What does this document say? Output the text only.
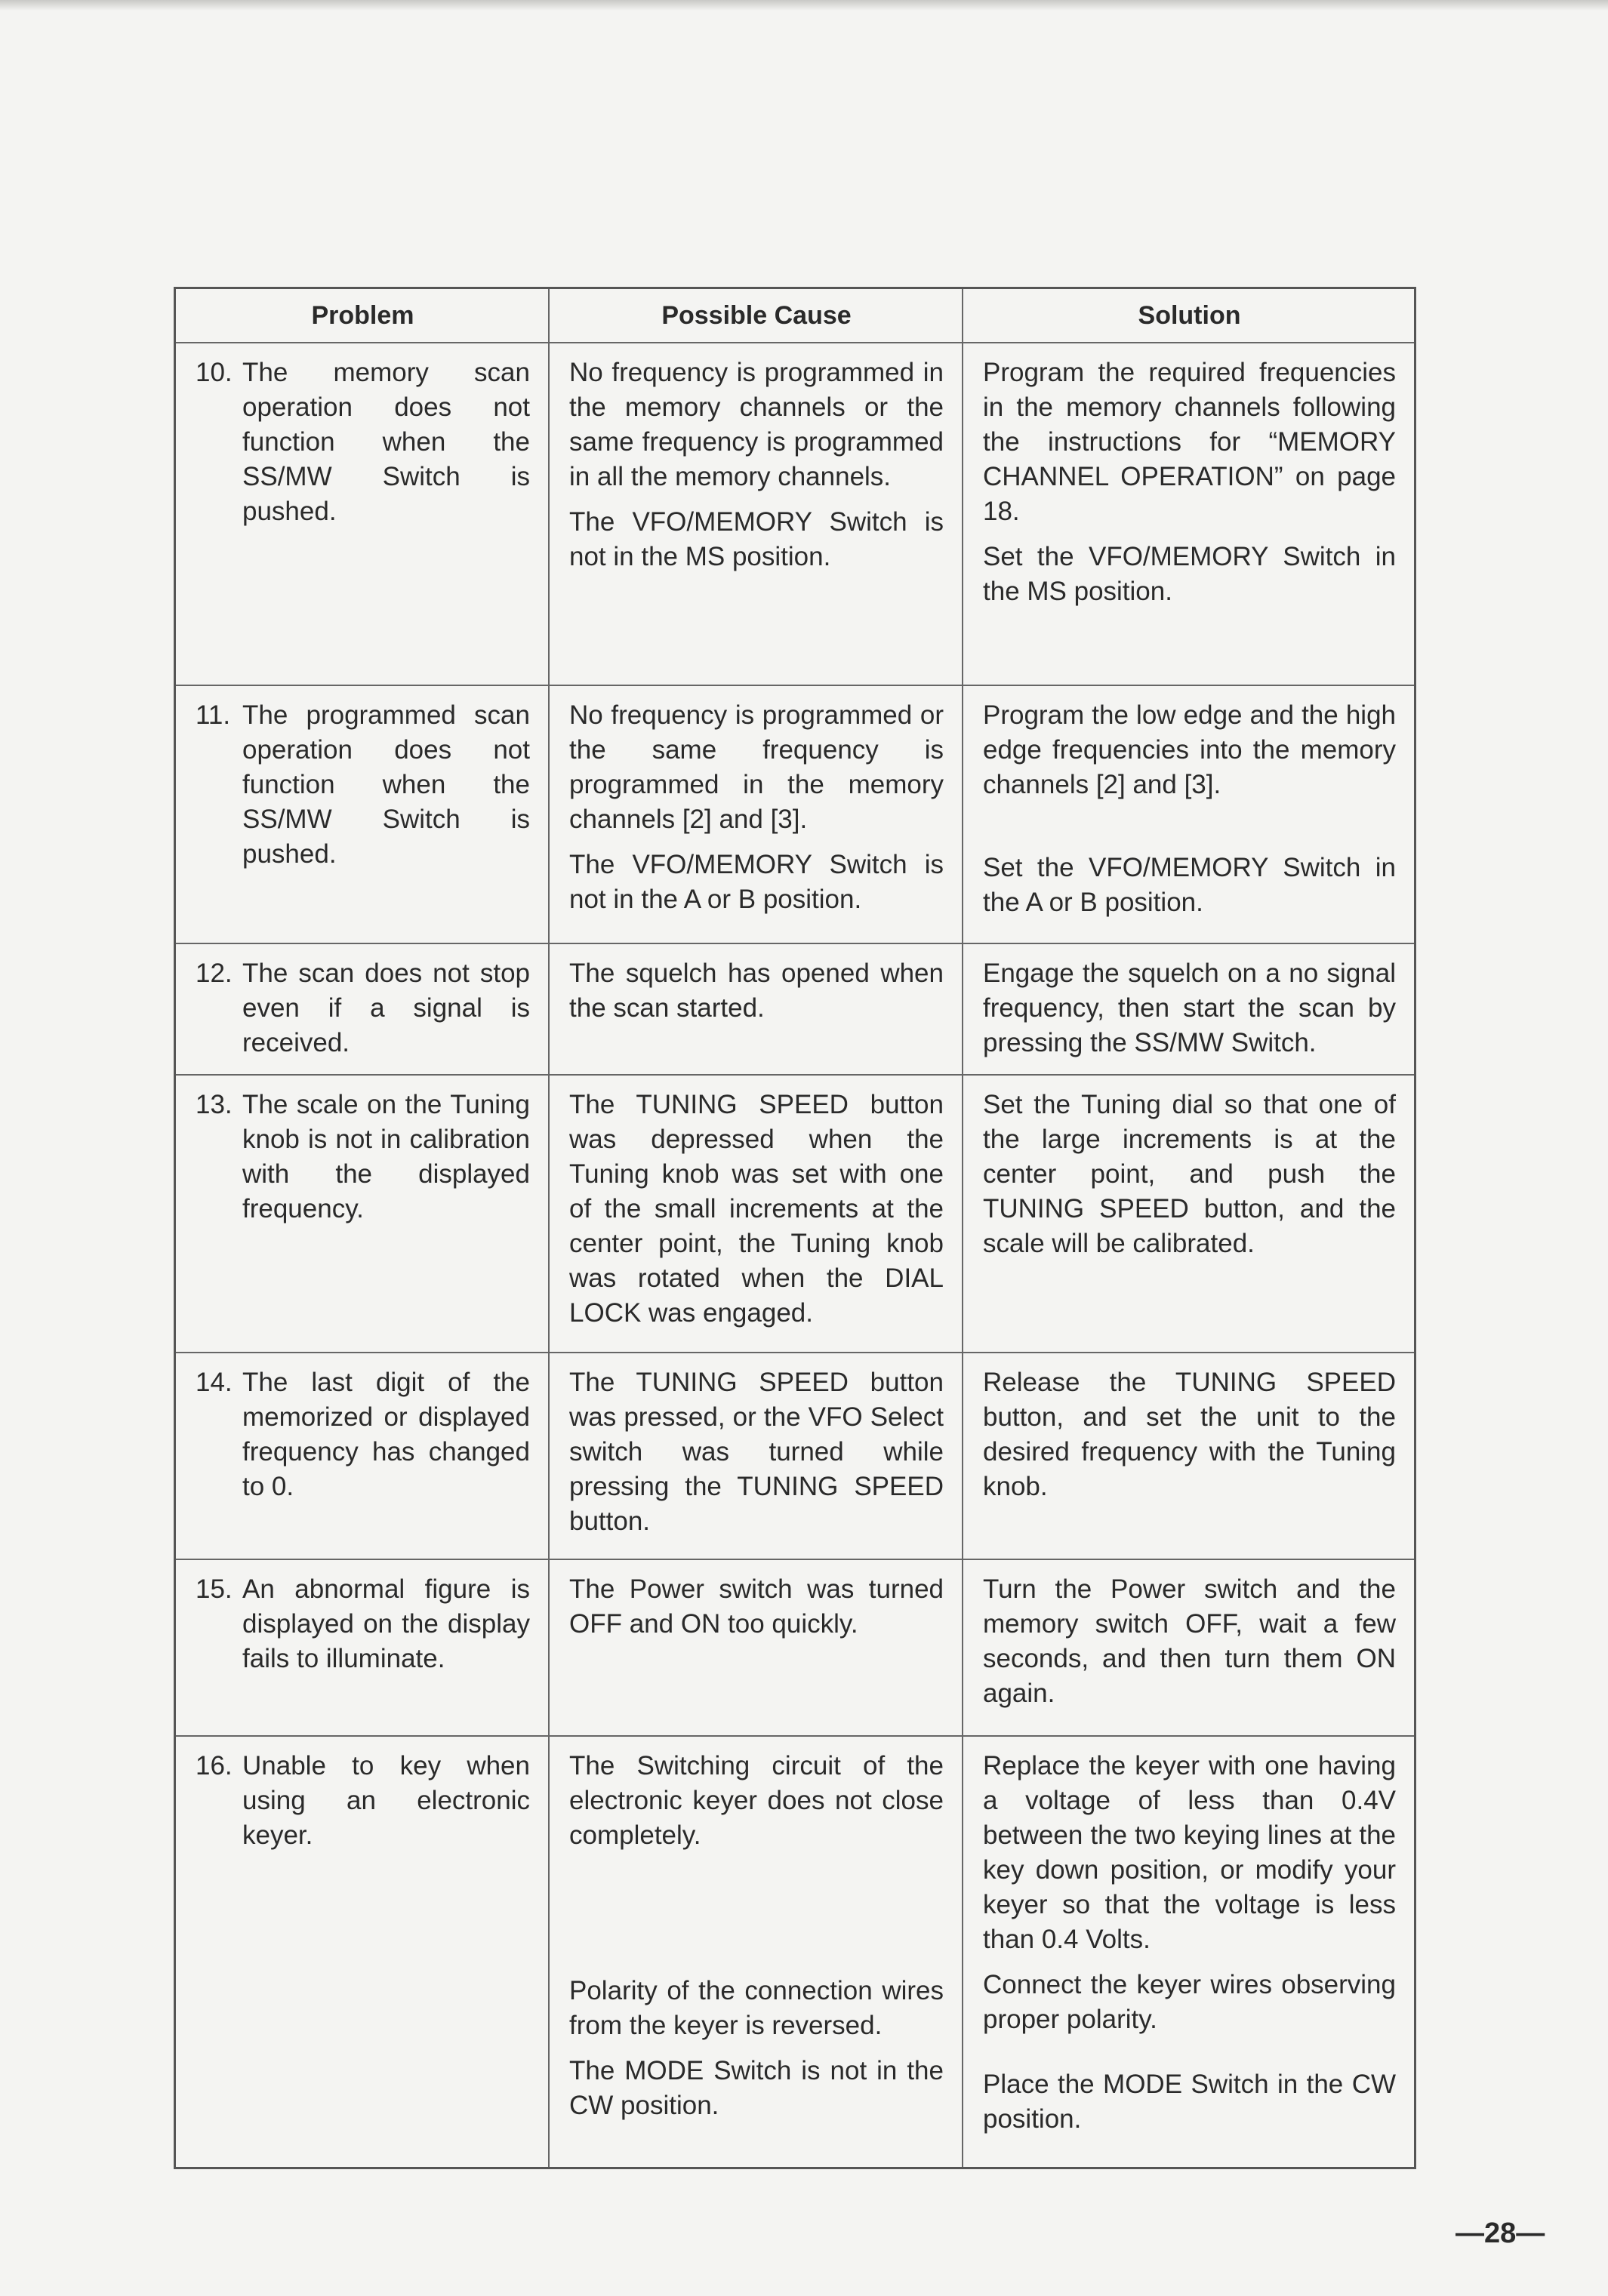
Problem	Possible Cause	Solution
10. The memory scan operation does not function when the SS/MW Switch is pushed.

No frequency is programmed in the memory channels or the same frequency is programmed in all the memory channels.

The VFO/MEMORY Switch is not in the MS position.

Program the required frequencies in the memory channels following the instructions for “MEMORY CHANNEL OPERATION” on page 18.

Set the VFO/MEMORY Switch in the MS position.

11. The programmed scan operation does not function when the SS/MW Switch is pushed.

No frequency is programmed or the same frequency is programmed in the memory channels [2] and [3].

The VFO/MEMORY Switch is not in the A or B position.

Program the low edge and the high edge frequencies into the memory channels [2] and [3].

Set the VFO/MEMORY Switch in the A or B position.

12. The scan does not stop even if a signal is received.

The squelch has opened when the scan started.

Engage the squelch on a no signal frequency, then start the scan by pressing the SS/MW Switch.

13. The scale on the Tuning knob is not in calibration with the displayed frequency.

The TUNING SPEED button was depressed when the Tuning knob was set with one of the small increments at the center point, the Tuning knob was rotated when the DIAL LOCK was engaged.

Set the Tuning dial so that one of the large increments is at the center point, and push the TUNING SPEED button, and the scale will be calibrated.

14. The last digit of the memorized or displayed frequency has changed to 0.

The TUNING SPEED button was pressed, or the VFO Select switch was turned while pressing the TUNING SPEED button.

Release the TUNING SPEED button, and set the unit to the desired frequency with the Tuning knob.

15. An abnormal figure is displayed on the display fails to illuminate.

The Power switch was turned OFF and ON too quickly.

Turn the Power switch and the memory switch OFF, wait a few seconds, and then turn them ON again.

16. Unable to key when using an electronic keyer.

The Switching circuit of the electronic keyer does not close completely.

Polarity of the connection wires from the keyer is reversed.

The MODE Switch is not in the CW position.

Replace the keyer with one having a voltage of less than 0.4V between the two keying lines at the key down position, or modify your keyer so that the voltage is less than 0.4 Volts.

Connect the keyer wires observing proper polarity.

Place the MODE Switch in the CW position.

—28—
